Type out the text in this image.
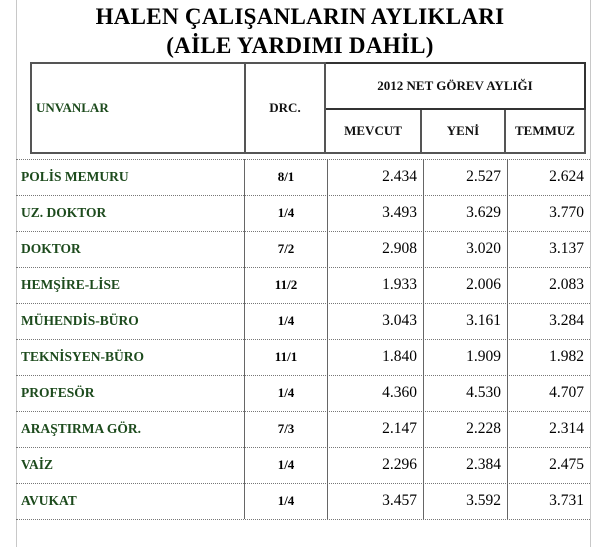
HALEN ÇALIŞANLARIN AYLIKLARI
(AİLE YARDIMI DAHİL)
UNVANLAR	DRC.
2012 NET GÖREV AYLIĞI
MEVCUT	YENİ	TEMMUZ
POLİS MEMURU	8/1	2.434	2.527	2.624
UZ. DOKTOR	1/4	3.493	3.629	3.770
DOKTOR	7/2	2.908	3.020	3.137
HEMŞİRE-LİSE	11/2	1.933	2.006	2.083
MÜHENDİS-BÜRO	1/4	3.043	3.161	3.284
TEKNİSYEN-BÜRO	11/1	1.840	1.909	1.982
PROFESÖR	1/4	4.360	4.530	4.707
ARAŞTIRMA GÖR.	7/3	2.147	2.228	2.314
VAİZ	1/4	2.296	2.384	2.475
AVUKAT	1/4	3.457	3.592	3.731
